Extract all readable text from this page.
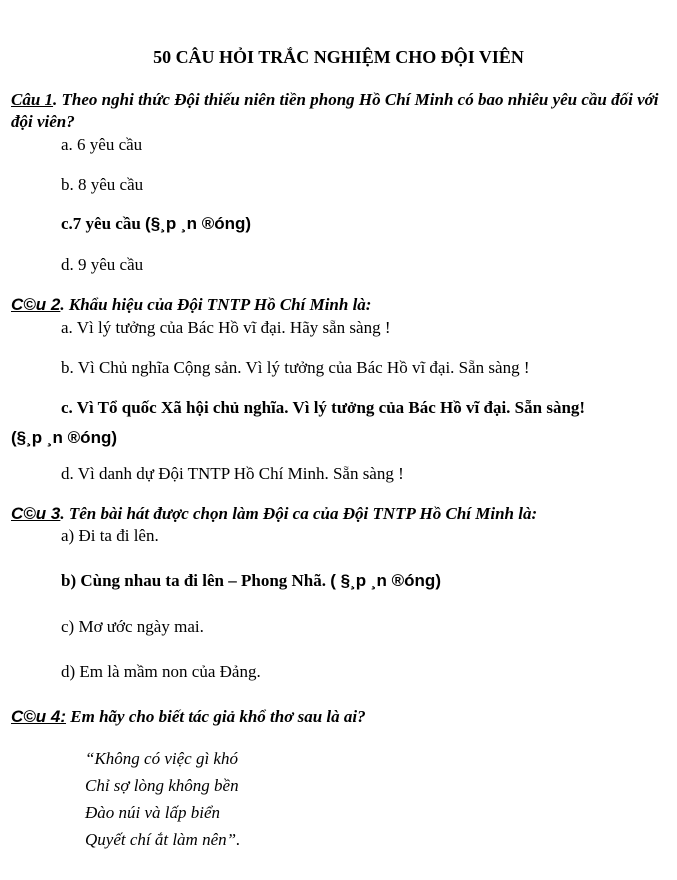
50 CÂU HỎI TRẮC NGHIỆM CHO ĐỘI VIÊN
Câu 1. Theo nghi thức Đội thiếu niên tiền phong Hồ Chí Minh có bao nhiêu yêu cầu đối với đội viên?
a. 6 yêu cầu
b. 8 yêu cầu
c.7 yêu cầu (§¸p ¸n ®óng)
d. 9 yêu cầu
C©u 2. Khẩu hiệu của Đội TNTP Hồ Chí Minh là:
a. Vì lý tưởng của Bác Hồ vĩ đại. Hãy sẵn sàng !
b. Vì Chủ nghĩa Cộng sản. Vì lý tưởng của Bác Hồ vĩ đại. Sẵn sàng !
c. Vì Tổ quốc Xã hội chủ nghĩa. Vì lý tưởng của Bác Hồ vĩ đại. Sẵn sàng!
(§¸p ¸n ®óng)
d. Vì danh dự Đội TNTP Hồ Chí Minh. Sẵn sàng !
C©u 3. Tên bài hát được chọn làm Đội ca của Đội TNTP Hồ Chí Minh là:
a) Đi ta đi lên.
b) Cùng nhau ta đi lên – Phong Nhã. ( §¸p ¸n ®óng)
c) Mơ ước ngày mai.
d) Em là mầm non của Đảng.
C©u 4: Em hãy cho biết tác giả khổ thơ sau là ai?
“Không có việc gì khó
Chỉ sợ lòng không bền
Đào núi và lấp biển
Quyết chí ắt làm nên”.
